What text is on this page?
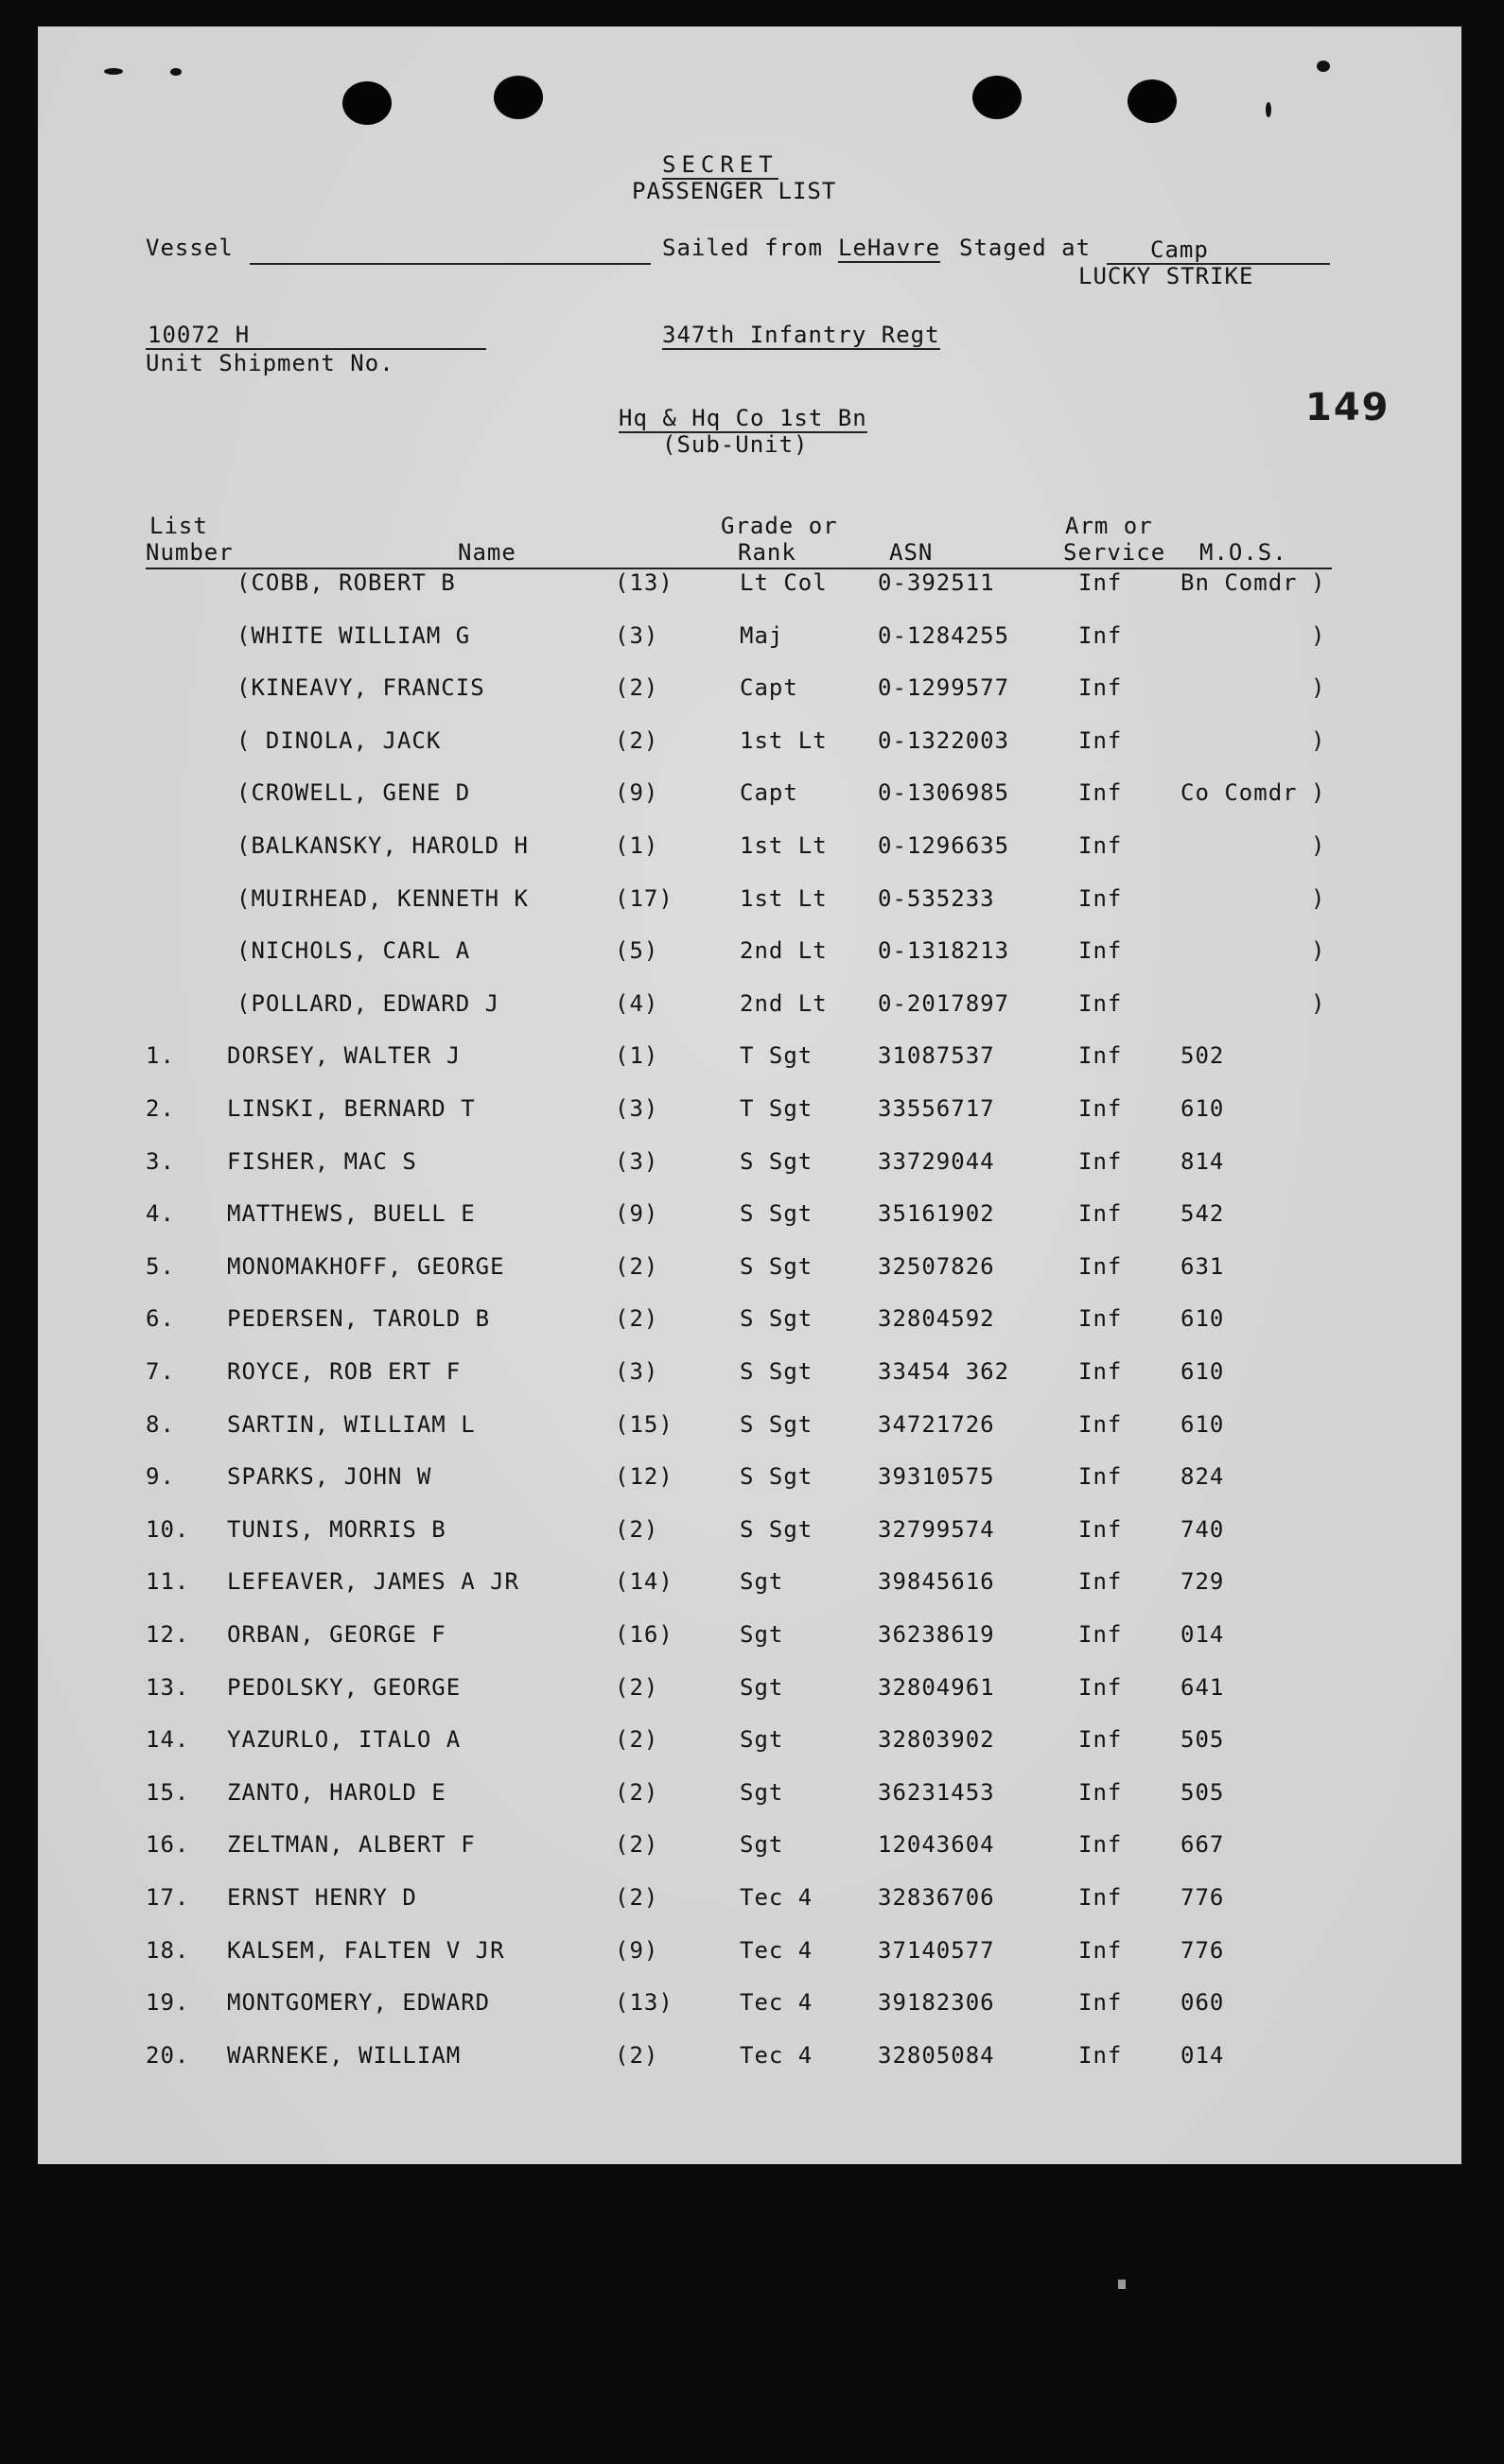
SECRET
PASSENGER LIST
Vessel	Sailed from LeHavre Staged at	Camp
LUCKY STRIKE
10072 H
Unit Shipment No.
347th Infantry Regt
Hq & Hq Co 1st Bn
(Sub-Unit)
149
List
Number	Name
Grade or
Rank	ASN
Arm or
Service M.O.S.
(COBB, ROBERT B	(13)	Lt Col 0-392511	Inf	Bn Comdr )
(WHITE WILLIAM G	(3)	Maj	0-1284255	Inf	)
(KINEAVY, FRANCIS	(2)	Capt	0-1299577	Inf	)
( DINOLA, JACK	(2)	1st Lt 0-1322003	Inf	)
(CROWELL, GENE D	(9)	Capt	0-1306985	Inf	Co Comdr )
(BALKANSKY, HAROLD H	(1)	1st Lt 0-1296635	Inf	)
(MUIRHEAD, KENNETH K	(17)	1st Lt 0-535233	Inf	)
(NICHOLS, CARL A	(5)	2nd Lt 0-1318213	Inf	)
(POLLARD, EDWARD J	(4)	2nd Lt 0-2017897	Inf	)
1. DORSEY, WALTER J	(1)	T Sgt	31087537	Inf	502
2. LINSKI, BERNARD T	(3)	T Sgt	33556717	Inf	610
3. FISHER, MAC S	(3)	S Sgt	33729044	Inf	814
4. MATTHEWS, BUELL E	(9)	S Sgt	35161902	Inf	542
5. MONOMAKHOFF, GEORGE	(2)	S Sgt	32507826	Inf	631
6. PEDERSEN, TAROLD B	(2)	S Sgt	32804592	Inf	610
7. ROYCE, ROB ERT F	(3)	S Sgt	33454 362	Inf	610
8. SARTIN, WILLIAM L	(15)	S Sgt	34721726	Inf	610
9. SPARKS, JOHN W	(12)	S Sgt	39310575	Inf	824
10. TUNIS, MORRIS B	(2)	S Sgt	32799574	Inf	740
11. LEFEAVER, JAMES A JR	(14)	Sgt	39845616	Inf	729
12. ORBAN, GEORGE F	(16)	Sgt	36238619	Inf	014
13. PEDOLSKY, GEORGE	(2)	Sgt	32804961	Inf	641
14. YAZURLO, ITALO A	(2)	Sgt	32803902	Inf	505
15. ZANTO, HAROLD E	(2)	Sgt	36231453	Inf	505
16. ZELTMAN, ALBERT F	(2)	Sgt	12043604	Inf	667
17. ERNST HENRY D	(2)	Tec 4	32836706	Inf	776
18. KALSEM, FALTEN V JR	(9)	Tec 4	37140577	Inf	776
19. MONTGOMERY, EDWARD	(13)	Tec 4	39182306	Inf	060
20. WARNEKE, WILLIAM	(2)	Tec 4	32805084	Inf	014
